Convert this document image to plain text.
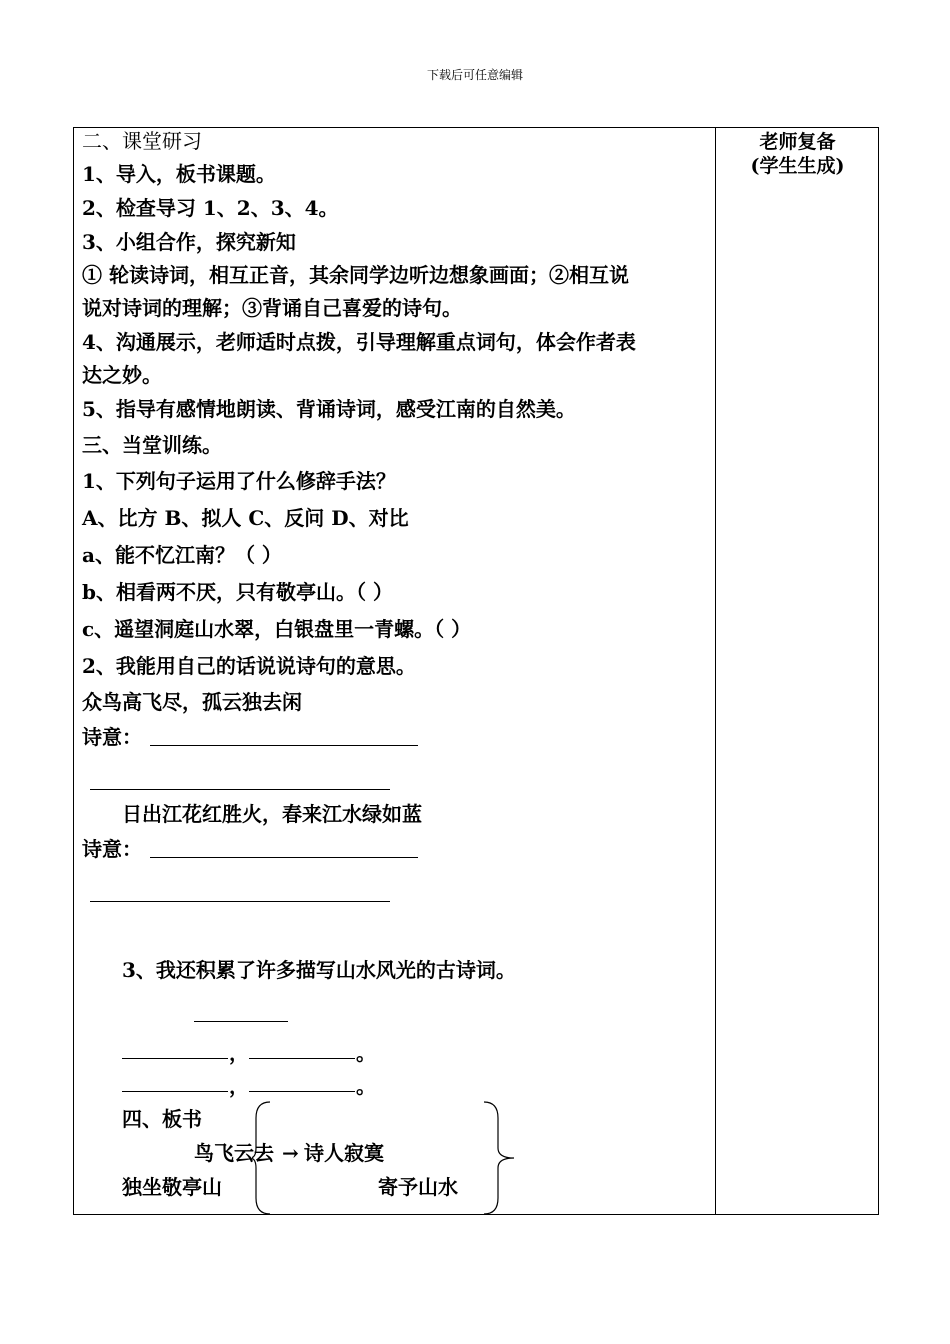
下载后可任意编辑
老师复备
(学生生成)
二、课堂研习
1、导入，板书课题。
2、检查导习 1、2、3、4。
3、小组合作，探究新知
① 轮读诗词，相互正音，其余同学边听边想象画面；②相互说
说对诗词的理解；③背诵自己喜爱的诗句。
4、沟通展示，老师适时点拨，引导理解重点词句，体会作者表
达之妙。
5、指导有感情地朗读、背诵诗词，感受江南的自然美。
三、当堂训练。
1、下列句子运用了什么修辞手法？
A、比方 B、拟人 C、反问 D、对比
a、能不忆江南？（ ）
b、相看两不厌，只有敬亭山。（ ）
c、遥望洞庭山水翠，白银盘里一青螺。（ ）
2、我能用自己的话说说诗句的意思。
众鸟高飞尽，孤云独去闲
诗意：
日出江花红胜火，春来江水绿如蓝
诗意：
3、我还积累了许多描写山水风光的古诗词。
，	。
，	。
四、板书
鸟飞云去 → 诗人寂寞
独坐敬亭山	寄予山水
